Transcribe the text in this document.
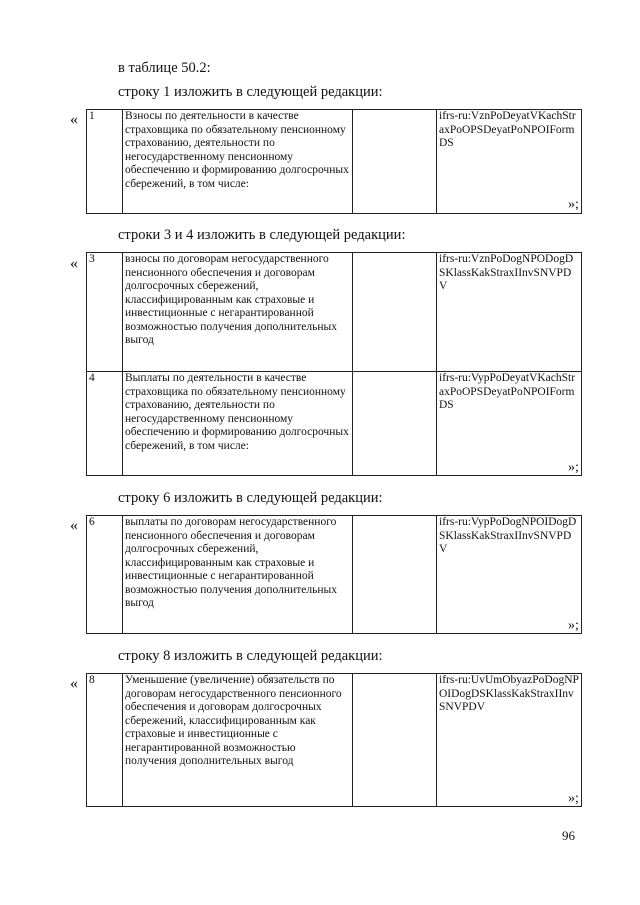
в таблице 50.2:
строку 1 изложить в следующей редакции:
« 1	Взносы по деятельности в качестве страховщика по обязательному пенсионному страхованию, деятельности по негосударственному пенсионному обеспечению и формированию долгосрочных сбережений, в том числе:		ifrs-ru:VznPoDeyatVKachStraxPoOPSDeyatPoNPOIFormDS
»;
строки 3 и 4 изложить в следующей редакции:
« 3	взносы по договорам негосударственного пенсионного обеспечения и договорам долгосрочных сбережений, классифицированным как страховые и инвестиционные с негарантированной возможностью получения дополнительных выгод		ifrs-ru:VznPoDogNPODogDSKlassKakStraxIInvSNVPDV
4	Выплаты по деятельности в качестве страховщика по обязательному пенсионному страхованию, деятельности по негосударственному пенсионному обеспечению и формированию долгосрочных сбережений, в том числе:		ifrs-ru:VypPoDeyatVKachStraxPoOPSDeyatPoNPOIFormDS
»;
строку 6 изложить в следующей редакции:
« 6	выплаты по договорам негосударственного пенсионного обеспечения и договорам долгосрочных сбережений, классифицированным как страховые и инвестиционные с негарантированной возможностью получения дополнительных выгод		ifrs-ru:VypPoDogNPOIDogDSKlassKakStraxIInvSNVPDV
»;
строку 8 изложить в следующей редакции:
« 8	Уменьшение (увеличение) обязательств по договорам негосударственного пенсионного обеспечения и договорам долгосрочных сбережений, классифицированным как страховые и инвестиционные с негарантированной возможностью получения дополнительных выгод		ifrs-ru:UvUmObyazPoDogNPOIDogDSKlassKakStraxIInvSNVPDV
»;
96
